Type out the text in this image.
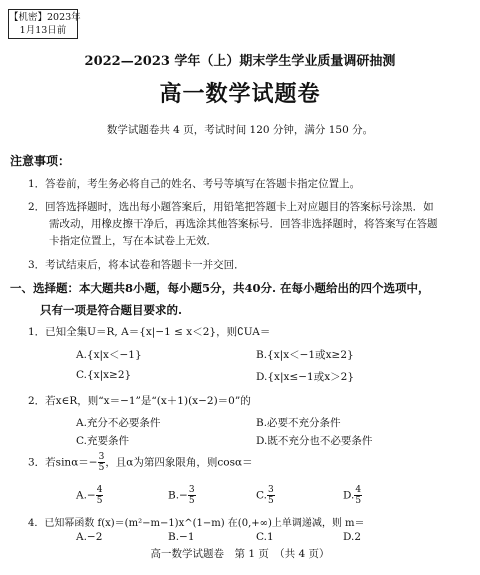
【机密】2023年
1月13日前
2022—2023 学年（上）期末学生学业质量调研抽测
高一数学试题卷
数学试题卷共 4 页，考试时间 120 分钟，满分 150 分。
注意事项：
1．答卷前，考生务必将自己的姓名、考号等填写在答题卡指定位置上。
2．回答选择题时，选出每小题答案后，用铅笔把答题卡上对应题目的答案标号涂黑．如
需改动，用橡皮擦干净后，再选涂其他答案标号．回答非选择题时，将答案写在答题
卡指定位置上，写在本试卷上无效．
3．考试结束后，将本试卷和答题卡一并交回．
一、选择题：本大题共8小题，每小题5分，共40分. 在每小题给出的四个选项中，
只有一项是符合题目要求的.
1．已知全集U＝R, A＝{x|−1 ≤ x＜2}，则∁UA＝
A.{x|x＜−1}	B.{x|x＜−1或x≥2}
C.{x|x≥2}	D.{x|x≤−1或x＞2}
2．若x∈R，则“x＝−1”是“(x＋1)(x−2)＝0”的
A.充分不必要条件	B.必要不充分条件
C.充要条件	D.既不充分也不必要条件
3．若$\sin\alpha=- \frac{3}{5}$ ，且α为第四象限角，则cosα＝
$A.- \frac{4}{5}$	$B.- \frac{3}{5}$	C. $\frac{3}{5}$	D. $\frac{4}{5}$
4．已知幂函数 f(x)＝(m²−m−1)x^(1−m) 在(0,+∞)上单调递减，则 m＝
A.−2	B.−1	C.1	D.2
高一数学试题卷　第 1 页　（共 4 页）
